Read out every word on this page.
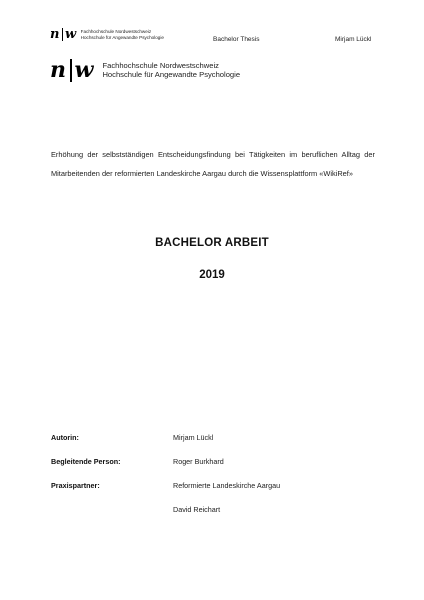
n w Fachhochschule Nordwestschweiz
Hochschule für Angewandte Psychologie	Bachelor Thesis	Mirjam Lückl
n w Fachhochschule Nordwestschweiz
Hochschule für Angewandte Psychologie
Erhöhung der selbstständigen Entscheidungsfindung bei Tätigkeiten im beruflichen Alltag der Mitarbeitenden der reformierten Landeskirche Aargau durch die Wissensplattform «WikiRef»
BACHELOR ARBEIT
2019
Autorin:	Mirjam Lückl
Begleitende Person:	Roger Burkhard
Praxispartner:	Reformierte Landeskirche Aargau
David Reichart
